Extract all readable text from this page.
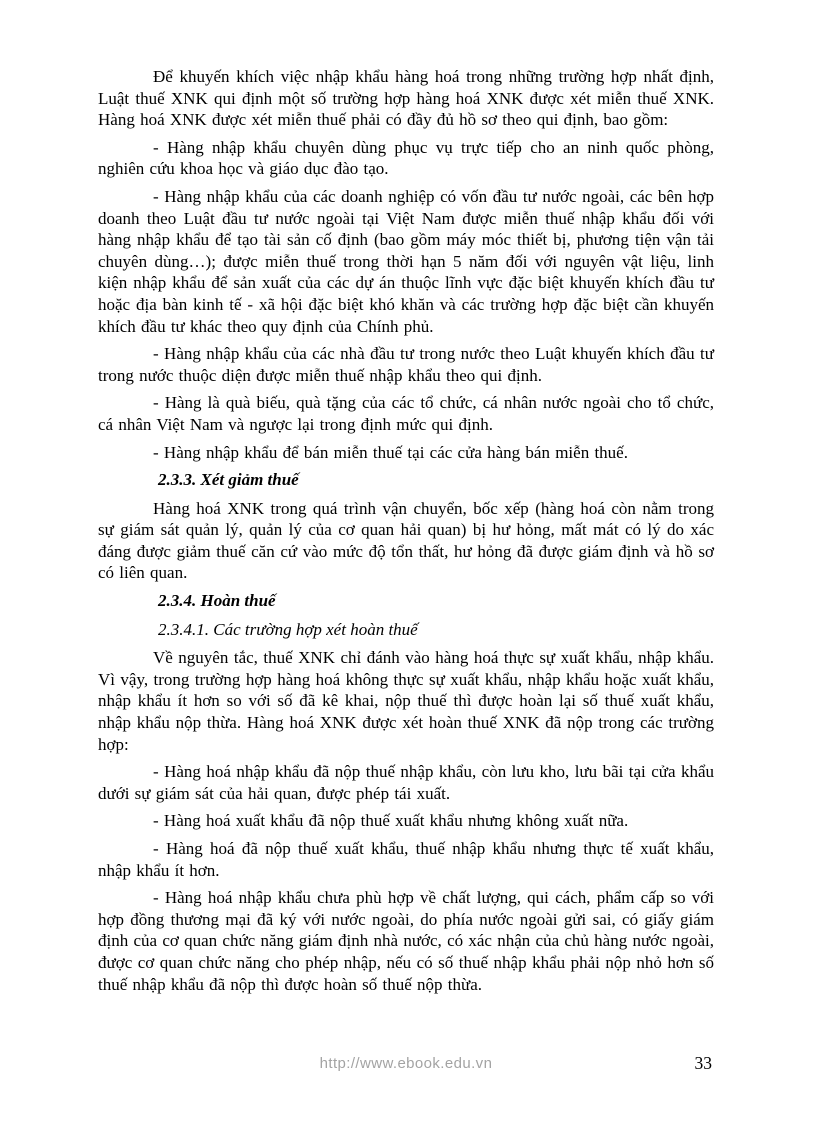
Để khuyến khích việc nhập khẩu hàng hoá trong những trường hợp nhất định, Luật thuế XNK qui định một số trường hợp hàng hoá XNK được xét miễn thuế XNK. Hàng hoá XNK được xét miễn thuế phải có đầy đủ hồ sơ theo qui định, bao gồm:
- Hàng nhập khẩu chuyên dùng phục vụ trực tiếp cho an ninh quốc phòng, nghiên cứu khoa học và giáo dục đào tạo.
- Hàng nhập khẩu của các doanh nghiệp có vốn đầu tư nước ngoài, các bên hợp doanh theo Luật đầu tư nước ngoài tại Việt Nam được miễn thuế nhập khẩu đối với hàng nhập khẩu để tạo tài sản cố định (bao gồm máy móc thiết bị, phương tiện vận tải chuyên dùng…); được miễn thuế trong thời hạn 5 năm đối với nguyên vật liệu, linh kiện nhập khẩu để sản xuất của các dự án thuộc lĩnh vực đặc biệt khuyến khích đầu tư hoặc địa bàn kinh tế - xã hội đặc biệt khó khăn và các trường hợp đặc biệt cần khuyến khích đầu tư khác theo quy định của Chính phủ.
- Hàng nhập khẩu của các nhà đầu tư trong nước theo Luật khuyến khích đầu tư trong nước thuộc diện được miễn thuế nhập khẩu theo qui định.
- Hàng là quà biếu, quà tặng của các tổ chức, cá nhân nước ngoài cho tổ chức, cá nhân Việt Nam và ngược lại trong định mức qui định.
- Hàng nhập khẩu để bán miễn thuế tại các cửa hàng bán miễn thuế.
2.3.3. Xét giảm thuế
Hàng hoá XNK trong quá trình vận chuyển, bốc xếp (hàng hoá còn nằm trong sự giám sát quản lý, quản lý của cơ quan hải quan) bị hư hỏng, mất mát có lý do xác đáng được giảm thuế căn cứ vào mức độ tổn thất, hư hỏng đã được giám định và hồ sơ có liên quan.
2.3.4. Hoàn thuế
2.3.4.1. Các trường hợp xét hoàn thuế
Về nguyên tắc, thuế XNK chỉ đánh vào hàng hoá thực sự xuất khẩu, nhập khẩu. Vì vậy, trong trường hợp hàng hoá không thực sự xuất khẩu, nhập khẩu hoặc xuất khẩu, nhập khẩu ít hơn so với số đã kê khai, nộp thuế thì được hoàn lại số thuế xuất khẩu, nhập khẩu nộp thừa. Hàng hoá XNK được xét hoàn thuế XNK đã nộp trong các trường hợp:
- Hàng hoá nhập khẩu đã nộp thuế nhập khẩu, còn lưu kho, lưu bãi tại cửa khẩu dưới sự giám sát của hải quan, được phép tái xuất.
- Hàng hoá xuất khẩu đã nộp thuế xuất khẩu nhưng không xuất nữa.
- Hàng hoá đã nộp thuế xuất khẩu, thuế nhập khẩu nhưng thực tế xuất khẩu, nhập khẩu ít hơn.
- Hàng hoá nhập khẩu chưa phù hợp về chất lượng, qui cách, phẩm cấp so với hợp đồng thương mại đã ký với nước ngoài, do phía nước ngoài gửi sai, có giấy giám định của cơ quan chức năng giám định nhà nước, có xác nhận của chủ hàng nước ngoài, được cơ quan chức năng cho phép nhập, nếu có số thuế nhập khẩu phải nộp nhỏ hơn số thuế nhập khẩu đã nộp thì được hoàn số thuế nộp thừa.
http://www.ebook.edu.vn	33
